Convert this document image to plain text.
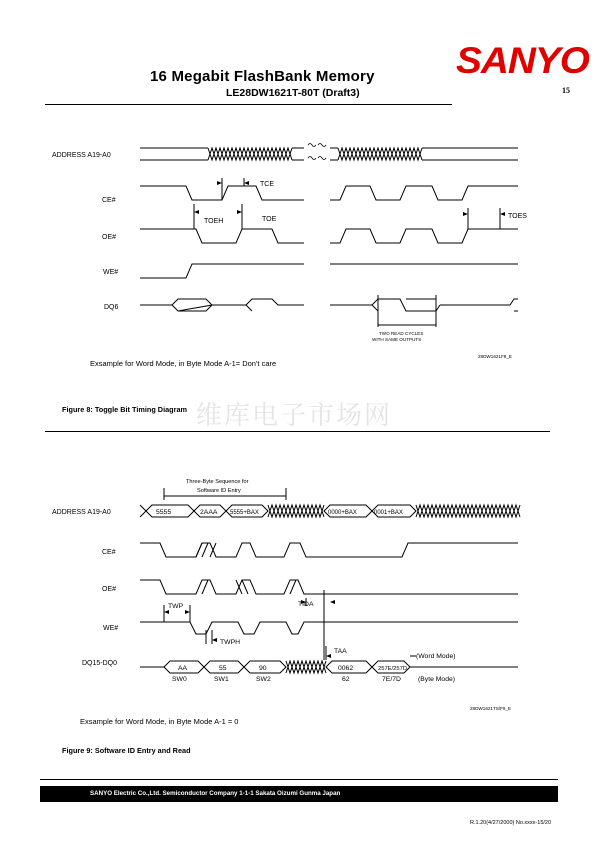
16 Megabit FlashBank Memory
LE28DW1621T-80T (Draft3)
SANYO
15
ADDRESS A19-A0
CE#
OE#
WE#
DQ6
TCE
TOEH	TOE	TOES
TWO READ CYCLES
WITH SAME OUTPUTS
28DW1621F8_E
Exsample for Word Mode, in Byte Mode A-1= Don't care
Figure 8: Toggle Bit Timing Diagram 维库电子市场网
ADDRESS A19-A0
CE#
OE#
WE#
DQ15-DQ0
Three-Byte Sequence for
Software ID Entry
5555	2AAA 5555+BAX	0000+BAX	0001+BAX
AA	55	90	0062	257E/257D
SW0	SW1	SW2	62	7E/7D
(Word Mode)
(Byte Mode)
TWP
TWPH
TIDA
TAA
28DW1621TS\F9_E
Exsample for Word Mode, in Byte Mode A-1 = 0
Figure 9: Software ID Entry and Read
SANYO Electric Co.,Ltd. Semiconductor Company 1-1-1 Sakata Oizumi Gunma Japan
R.1.20(4/27/2000) No.xxxx-15/20
